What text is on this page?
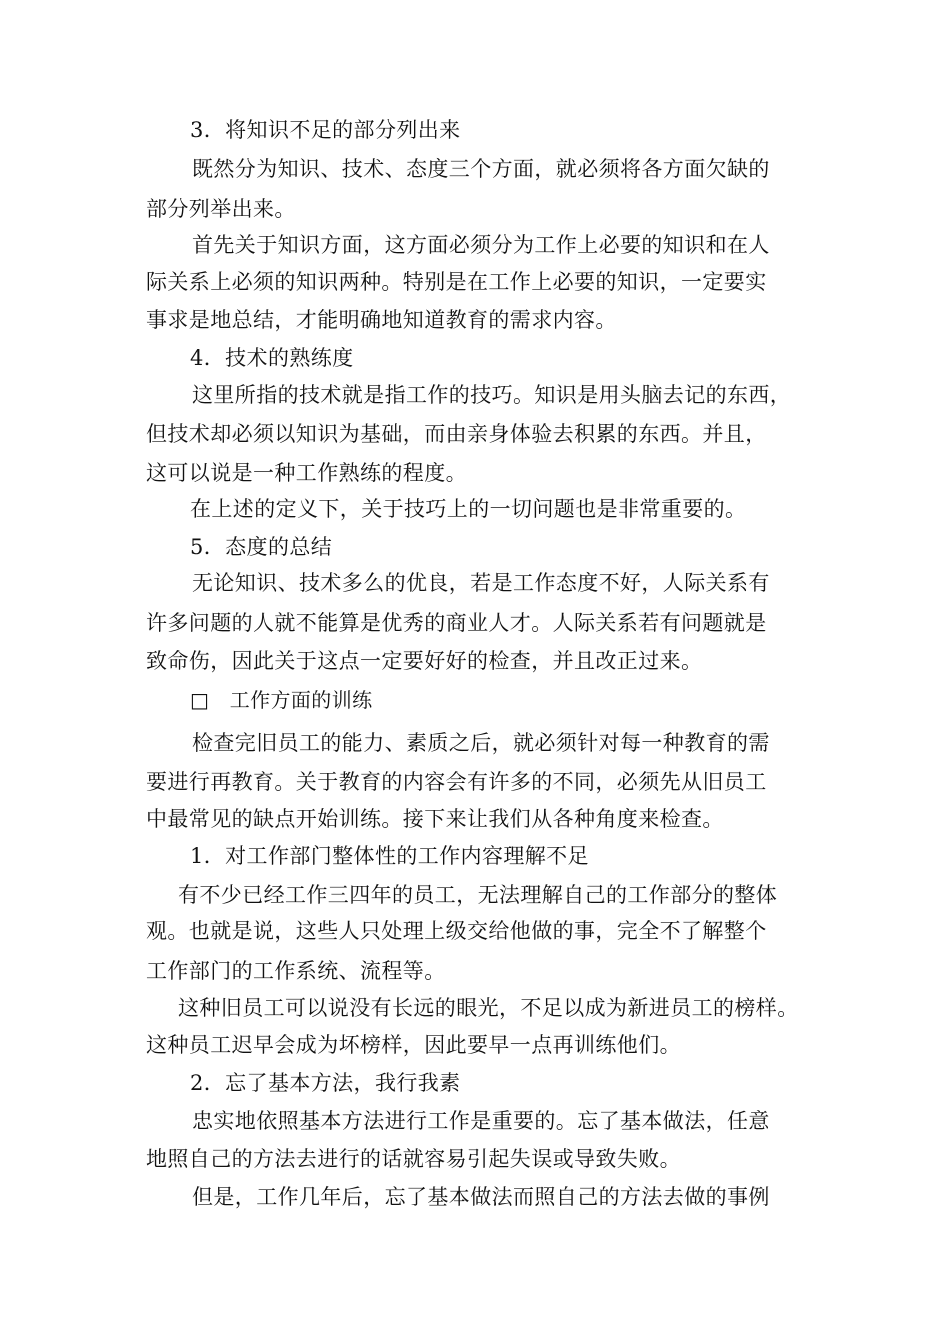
3．将知识不足的部分列出来
既然分为知识、技术、态度三个方面，就必须将各方面欠缺的
部分列举出来。
首先关于知识方面，这方面必须分为工作上必要的知识和在人
际关系上必须的知识两种。特别是在工作上必要的知识，一定要实
事求是地总结，才能明确地知道教育的需求内容。
4．技术的熟练度
这里所指的技术就是指工作的技巧。知识是用头脑去记的东西，
但技术却必须以知识为基础，而由亲身体验去积累的东西。并且，
这可以说是一种工作熟练的程度。
在上述的定义下，关于技巧上的一切问题也是非常重要的。
5．态度的总结
无论知识、技术多么的优良，若是工作态度不好，人际关系有
许多问题的人就不能算是优秀的商业人才。人际关系若有问题就是
致命伤，因此关于这点一定要好好的检查，并且改正过来。
□　工作方面的训练
检查完旧员工的能力、素质之后，就必须针对每一种教育的需
要进行再教育。关于教育的内容会有许多的不同，必须先从旧员工
中最常见的缺点开始训练。接下来让我们从各种角度来检查。
1．对工作部门整体性的工作内容理解不足
有不少已经工作三四年的员工，无法理解自己的工作部分的整体
观。也就是说，这些人只处理上级交给他做的事，完全不了解整个
工作部门的工作系统、流程等。
这种旧员工可以说没有长远的眼光，不足以成为新进员工的榜样。
这种员工迟早会成为坏榜样，因此要早一点再训练他们。
2．忘了基本方法，我行我素
忠实地依照基本方法进行工作是重要的。忘了基本做法，任意
地照自己的方法去进行的话就容易引起失误或导致失败。
但是，工作几年后，忘了基本做法而照自己的方法去做的事例
